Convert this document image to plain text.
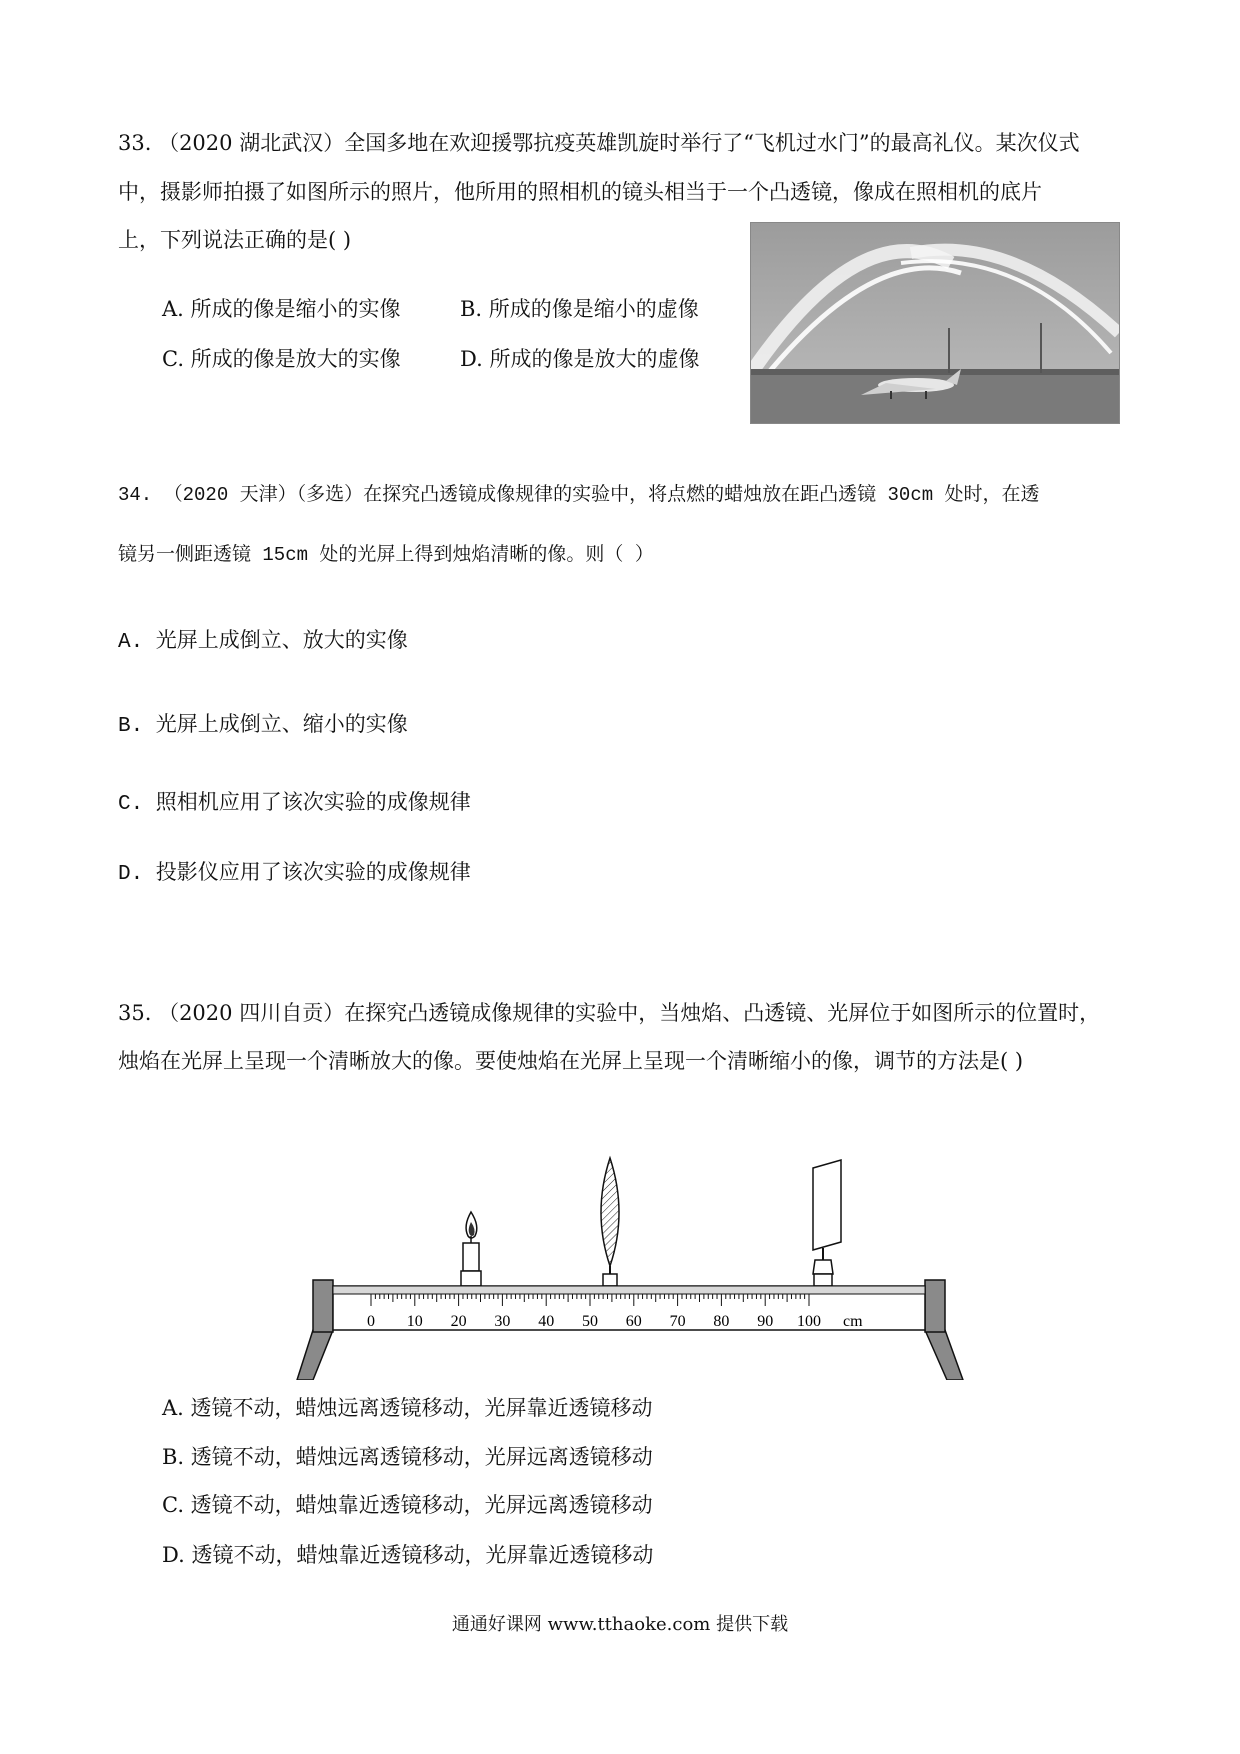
33. （2020 湖北武汉）全国多地在欢迎援鄂抗疫英雄凯旋时举行了“飞机过水门”的最高礼仪。某次仪式
中，摄影师拍摄了如图所示的照片，他所用的照相机的镜头相当于一个凸透镜，像成在照相机的底片
上，下列说法正确的是( )
A. 所成的像是缩小的实像	B. 所成的像是缩小的虚像
C. 所成的像是放大的实像	D. 所成的像是放大的虚像
34. （2020 天津）（多选）在探究凸透镜成像规律的实验中，将点燃的蜡烛放在距凸透镜 30cm 处时，在透
镜另一侧距透镜 15cm 处的光屏上得到烛焰清晰的像。则（ ）
A. 光屏上成倒立、放大的实像
B. 光屏上成倒立、缩小的实像
C. 照相机应用了该次实验的成像规律
D. 投影仪应用了该次实验的成像规律
35. （2020 四川自贡）在探究凸透镜成像规律的实验中，当烛焰、凸透镜、光屏位于如图所示的位置时，
烛焰在光屏上呈现一个清晰放大的像。要使烛焰在光屏上呈现一个清晰缩小的像，调节的方法是( )
0 10 20 30 40 50 60 70 80 90 100 cm
A. 透镜不动，蜡烛远离透镜移动，光屏靠近透镜移动
B. 透镜不动，蜡烛远离透镜移动，光屏远离透镜移动
C. 透镜不动，蜡烛靠近透镜移动，光屏远离透镜移动
D. 透镜不动，蜡烛靠近透镜移动，光屏靠近透镜移动
通通好课网 www.tthaoke.com 提供下载
